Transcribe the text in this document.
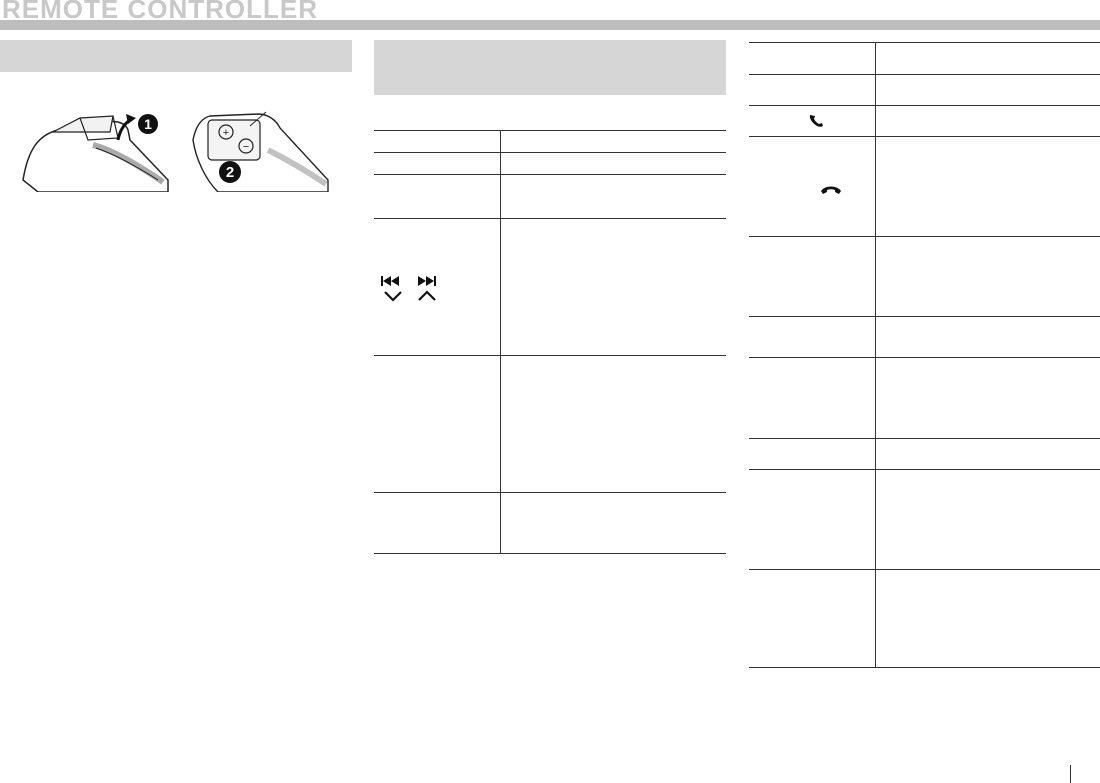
REMOTE CONTROLLER
1
+
−
2
